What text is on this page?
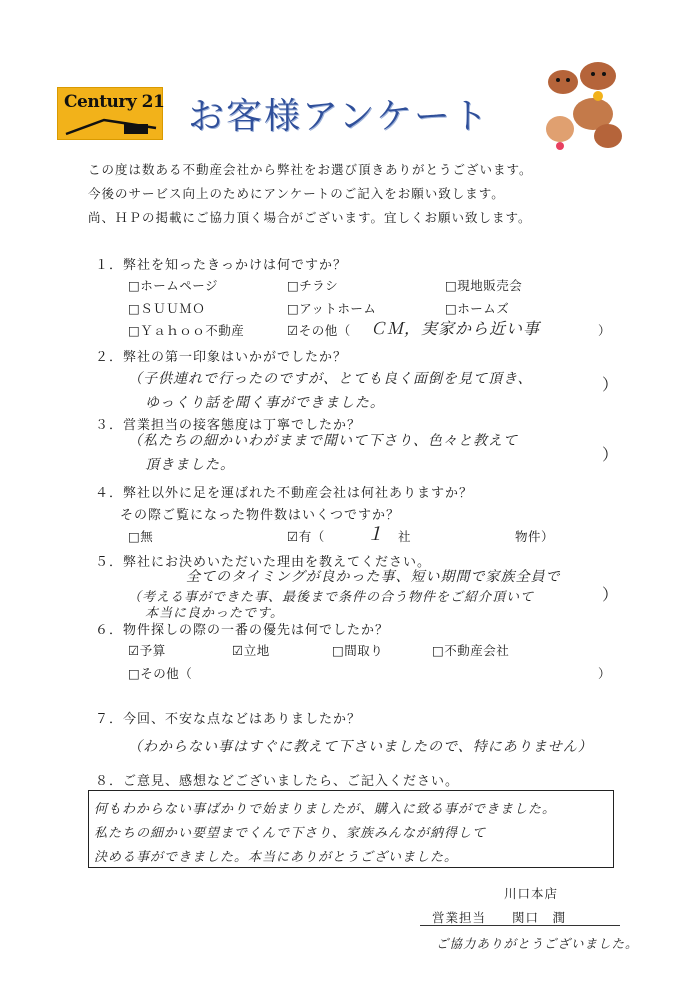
Century 21 お客様アンケート
この度は数ある不動産会社から弊社をお選び頂きありがとうございます。
今後のサービス向上のためにアンケートのご記入をお願い致します。
尚、ＨＰの掲載にご協力頂く場合がございます。宜しくお願い致します。
１．弊社を知ったきっかけは何ですか？
□ホームページ	□チラシ	□現地販売会
□ＳＵＵＭＯ	□アットホーム	□ホームズ
□Ｙａｈｏｏ不動産	☑その他（ ＣＭ，実家から近い事	）
２．弊社の第一印象はいかがでしたか？
（子供連れで行ったのですが、とても良く面倒を見て頂き、
ゆっくり話を聞く事ができました。
）
３．営業担当の接客態度は丁寧でしたか？
（私たちの細かいわがままで聞いて下さり、色々と教えて
頂きました。
）
４．弊社以外に足を運ばれた不動産会社は何社ありますか？
その際ご覧になった物件数はいくつですか？
□無	☑有（ １ 社	物件）
５．弊社にお決めいただいた理由を教えてください。
全てのタイミングが良かった事、短い期間で家族全員で
（考える事ができた事、最後まで条件の合う物件をご紹介頂いて
本当に良かったです。
）
６．物件探しの際の一番の優先は何でしたか？
☑予算	☑立地	□間取り	□不動産会社
□その他（	）
７．今回、不安な点などはありましたか？
（わからない事はすぐに教えて下さいましたので、特にありません）
８．ご意見、感想などございましたら、ご記入ください。
何もわからない事ばかりで始まりましたが、購入に致る事ができました。
私たちの細かい要望までくんで下さり、家族みんなが納得して
決める事ができました。本当にありがとうございました。
川口本店
営業担当 関口　潤
ご協力ありがとうございました。
